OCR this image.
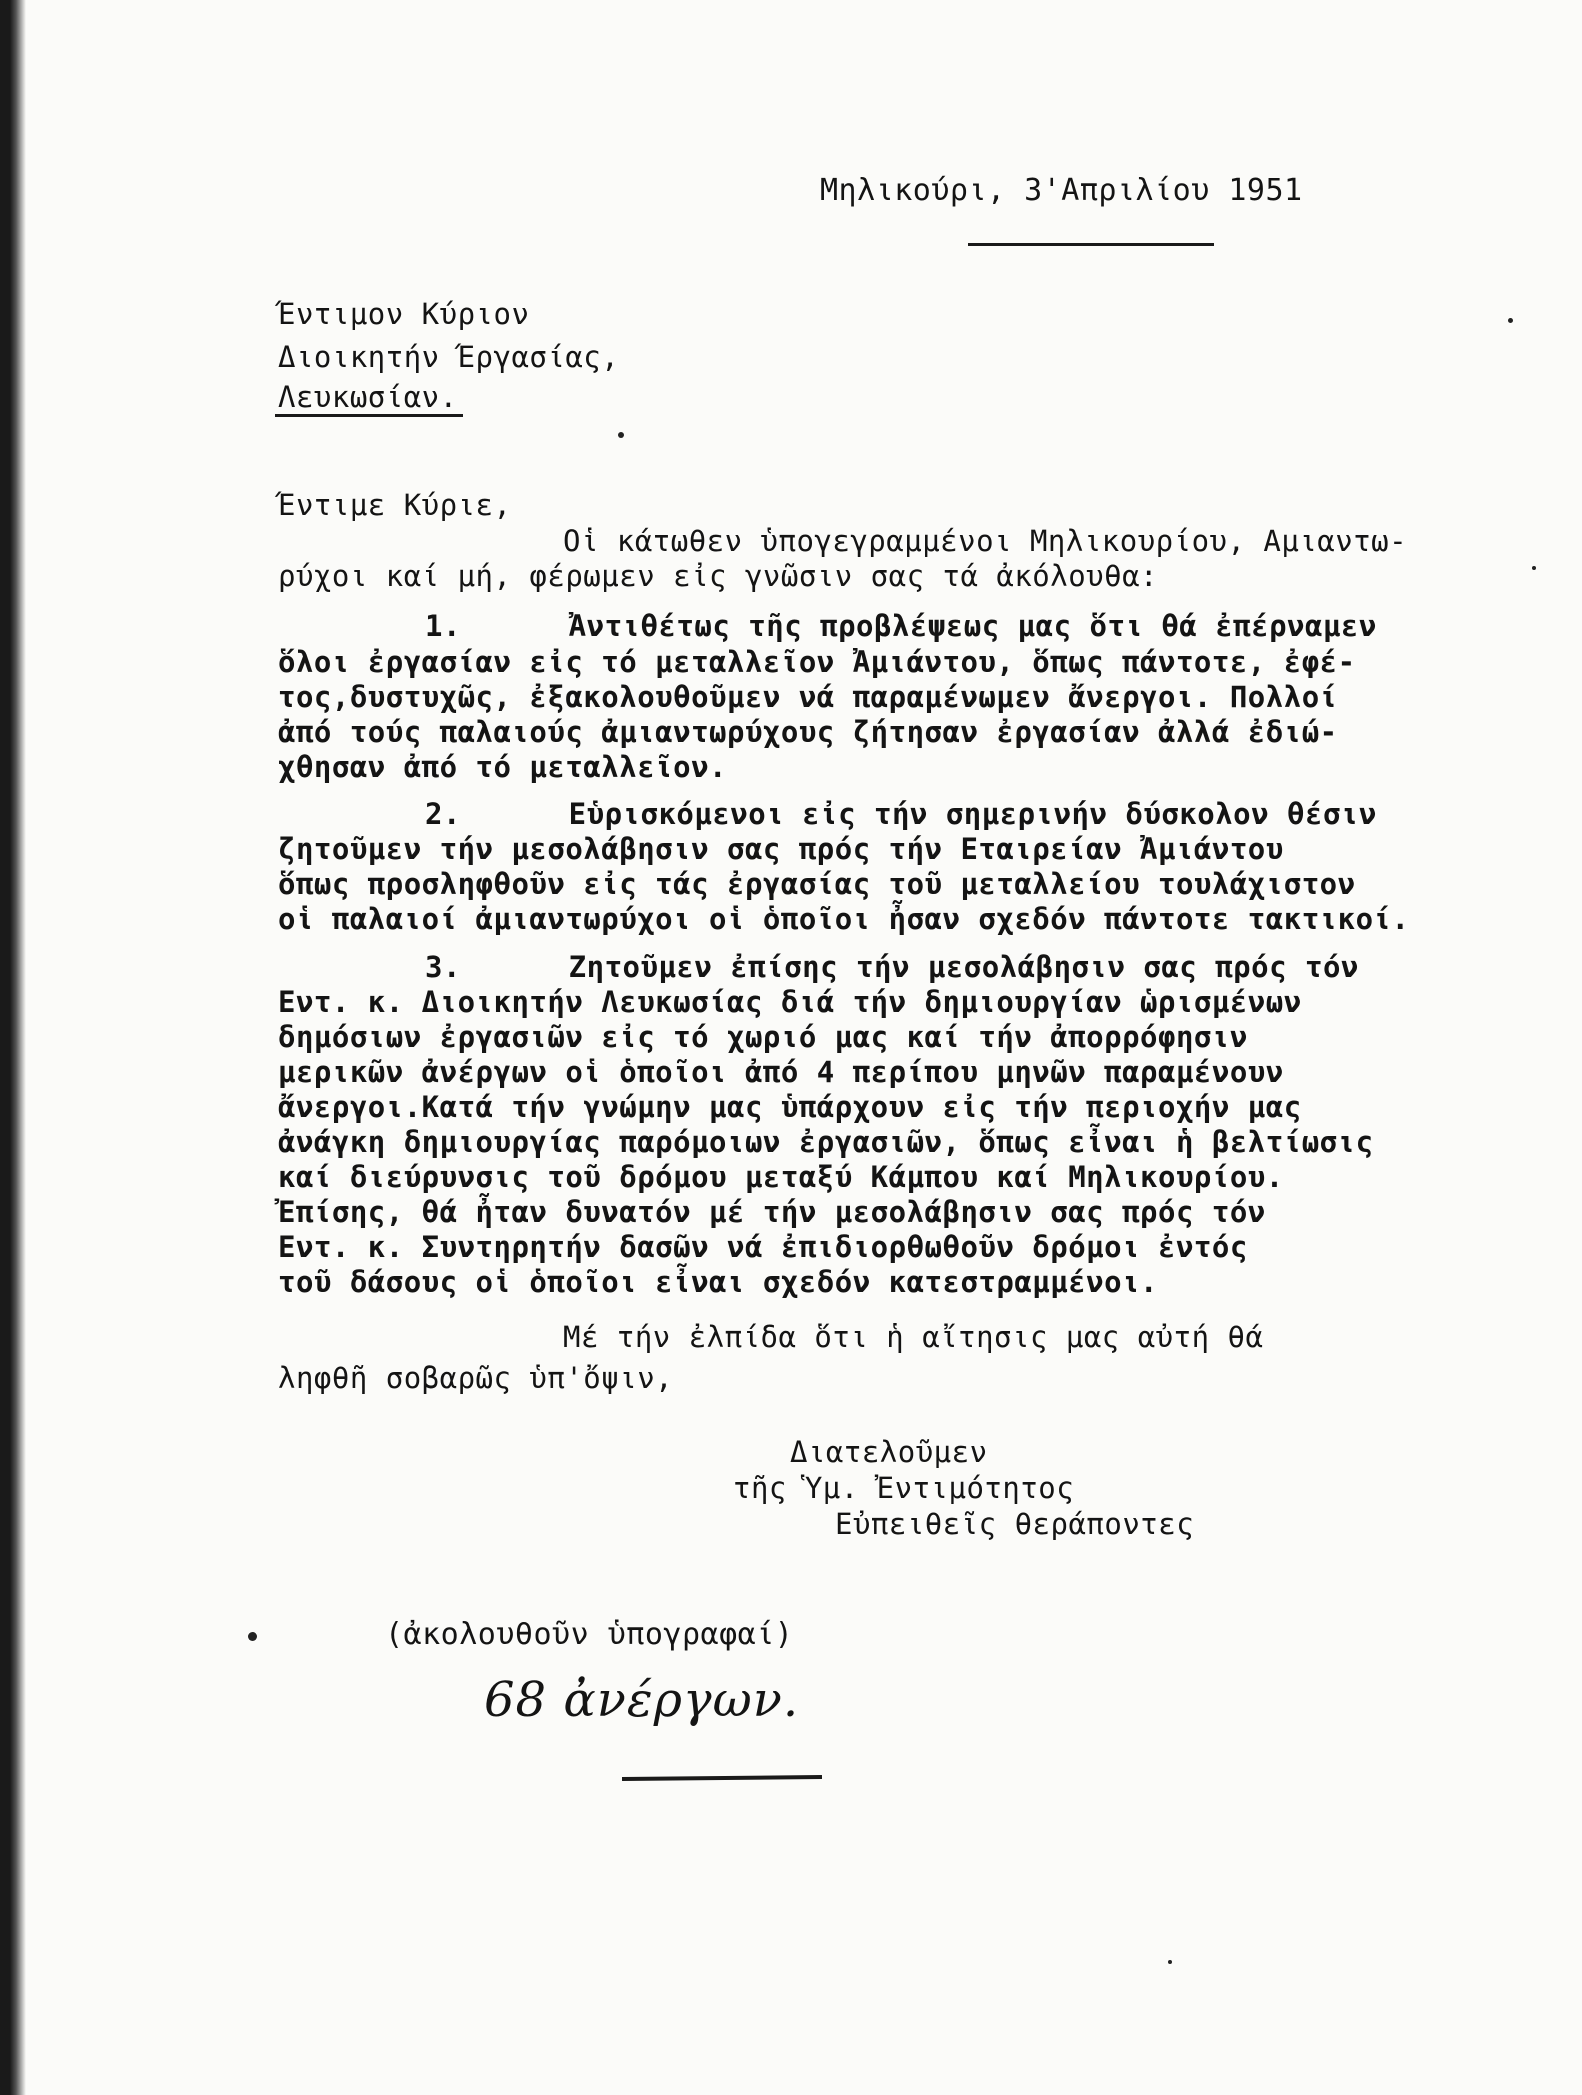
Μηλικούρι, 3'Απριλίου 1951
Έντιμον Κύριον
Διοικητήν Έργασίας,
Λευκωσίαν.
Έντιμε Κύριε,
Οἱ κάτωθεν ὑπογεγραμμένοι Μηλικουρίου, Αμιαντω-
ρύχοι καί μή, φέρωμεν εἰς γνῶσιν σας τά ἀκόλουθα:
1.      Ἀντιθέτως τῆς προβλέψεως μας ὅτι θά ἐπέρναμεν
ὅλοι ἐργασίαν εἰς τό μεταλλεῖον Ἀμιάντου, ὅπως πάντοτε, ἐφέ-
τος,δυστυχῶς, ἐξακολουθοῦμεν νά παραμένωμεν ἄνεργοι. Πολλοί
ἀπό τούς παλαιούς ἀμιαντωρύχους ζήτησαν ἐργασίαν ἀλλά ἐδιώ-
χθησαν ἀπό τό μεταλλεῖον.
2.      Εὑρισκόμενοι εἰς τήν σημερινήν δύσκολον θέσιν
ζητοῦμεν τήν μεσολάβησιν σας πρός τήν Εταιρείαν Ἀμιάντου
ὅπως προσληφθοῦν εἰς τάς ἐργασίας τοῦ μεταλλείου τουλάχιστον
οἱ παλαιοί ἀμιαντωρύχοι οἱ ὁποῖοι ἦσαν σχεδόν πάντοτε τακτικοί.
3.      Ζητοῦμεν ἐπίσης τήν μεσολάβησιν σας πρός τόν
Εντ. κ. Διοικητήν Λευκωσίας διά τήν δημιουργίαν ὡρισμένων
δημόσιων ἐργασιῶν εἰς τό χωριό μας καί τήν ἀπορρόφησιν
μερικῶν ἀνέργων οἱ ὁποῖοι ἀπό 4 περίπου μηνῶν παραμένουν
ἄνεργοι.Κατά τήν γνώμην μας ὑπάρχουν εἰς τήν περιοχήν μας
ἀνάγκη δημιουργίας παρόμοιων ἐργασιῶν, ὅπως εἶναι ἡ βελτίωσις
καί διεύρυνσις τοῦ δρόμου μεταξύ Κάμπου καί Μηλικουρίου.
Ἐπίσης, θά ἦταν δυνατόν μέ τήν μεσολάβησιν σας πρός τόν
Εντ. κ. Συντηρητήν δασῶν νά ἐπιδιορθωθοῦν δρόμοι ἐντός
τοῦ δάσους οἱ ὁποῖοι εἶναι σχεδόν κατεστραμμένοι.
Μέ τήν ἐλπίδα ὅτι ἡ αἴτησις μας αὐτή θά
ληφθῆ σοβαρῶς ὑπ'ὄψιν,
Διατελοῦμεν
τῆς Ὑμ. Ἐντιμότητος
Εὐπειθεῖς θεράποντες
(ἀκολουθοῦν ὑπογραφαί)
68 ἀνέργων.
